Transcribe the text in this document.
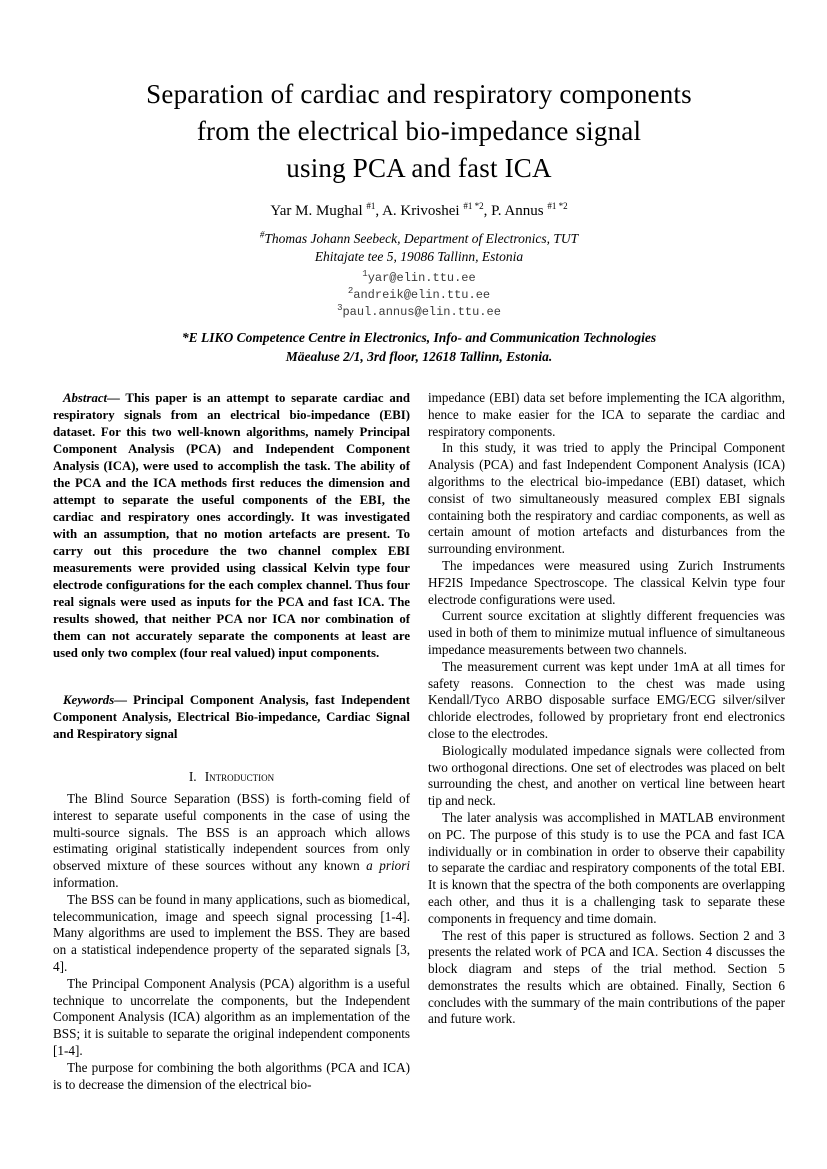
Separation of cardiac and respiratory components
from the electrical bio-impedance signal
using PCA and fast ICA
Yar M. Mughal $^{\#1}$, A. Krivoshei $^{\#1 *2}$, P. Annus $^{\#1 *2}$
#Thomas Johann Seebeck, Department of Electronics, TUT
Ehitajate tee 5, 19086 Tallinn, Estonia
$^1$yar@elin.ttu.ee
$^2$andreik@elin.ttu.ee
$^3$paul.annus@elin.ttu.ee
*E LIKO Competence Centre in Electronics, Info- and Communication Technologies
Mäealuse 2/1, 3rd floor, 12618 Tallinn, Estonia.

Abstract— This paper is an attempt to separate cardiac and respiratory signals from an electrical bio-impedance (EBI) dataset. For this two well-known algorithms, namely Principal Component Analysis (PCA) and Independent Component Analysis (ICA), were used to accomplish the task. The ability of the PCA and the ICA methods first reduces the dimension and attempt to separate the useful components of the EBI, the cardiac and respiratory ones accordingly. It was investigated with an assumption, that no motion artefacts are present. To carry out this procedure the two channel complex EBI measurements were provided using classical Kelvin type four electrode configurations for the each complex channel. Thus four real signals were used as inputs for the PCA and fast ICA. The results showed, that neither PCA nor ICA nor combination of them can not accurately separate the components at least are used only two complex (four real valued) input components.

Keywords— Principal Component Analysis, fast Independent Component Analysis, Electrical Bio-impedance, Cardiac Signal and Respiratory signal

I. Introduction

The Blind Source Separation (BSS) is forth-coming field of interest to separate useful components in the case of using the multi-source signals. The BSS is an approach which allows estimating original statistically independent sources from only observed mixture of these sources without any known a priori information.

The BSS can be found in many applications, such as biomedical, telecommunication, image and speech signal processing [1-4]. Many algorithms are used to implement the BSS. They are based on a statistical independence property of the separated signals [3, 4].

The Principal Component Analysis (PCA) algorithm is a useful technique to uncorrelate the components, but the Independent Component Analysis (ICA) algorithm as an implementation of the BSS; it is suitable to separate the original independent components [1-4].

The purpose for combining the both algorithms (PCA and ICA) is to decrease the dimension of the electrical bio-

impedance (EBI) data set before implementing the ICA algorithm, hence to make easier for the ICA to separate the cardiac and respiratory components.

In this study, it was tried to apply the Principal Component Analysis (PCA) and fast Independent Component Analysis (ICA) algorithms to the electrical bio-impedance (EBI) dataset, which consist of two simultaneously measured complex EBI signals containing both the respiratory and cardiac components, as well as certain amount of motion artefacts and disturbances from the surrounding environment.

The impedances were measured using Zurich Instruments HF2IS Impedance Spectroscope. The classical Kelvin type four electrode configurations were used.

Current source excitation at slightly different frequencies was used in both of them to minimize mutual influence of simultaneous impedance measurements between two channels.

The measurement current was kept under 1mA at all times for safety reasons. Connection to the chest was made using Kendall/Tyco ARBO disposable surface EMG/ECG silver/silver chloride electrodes, followed by proprietary front end electronics close to the electrodes.

Biologically modulated impedance signals were collected from two orthogonal directions. One set of electrodes was placed on belt surrounding the chest, and another on vertical line between heart tip and neck.

The later analysis was accomplished in MATLAB environment on PC. The purpose of this study is to use the PCA and fast ICA individually or in combination in order to observe their capability to separate the cardiac and respiratory components of the total EBI. It is known that the spectra of the both components are overlapping each other, and thus it is a challenging task to separate these components in frequency and time domain.

The rest of this paper is structured as follows. Section 2 and 3 presents the related work of PCA and ICA. Section 4 discusses the block diagram and steps of the trial method. Section 5 demonstrates the results which are obtained. Finally, Section 6 concludes with the summary of the main contributions of the paper and future work.
